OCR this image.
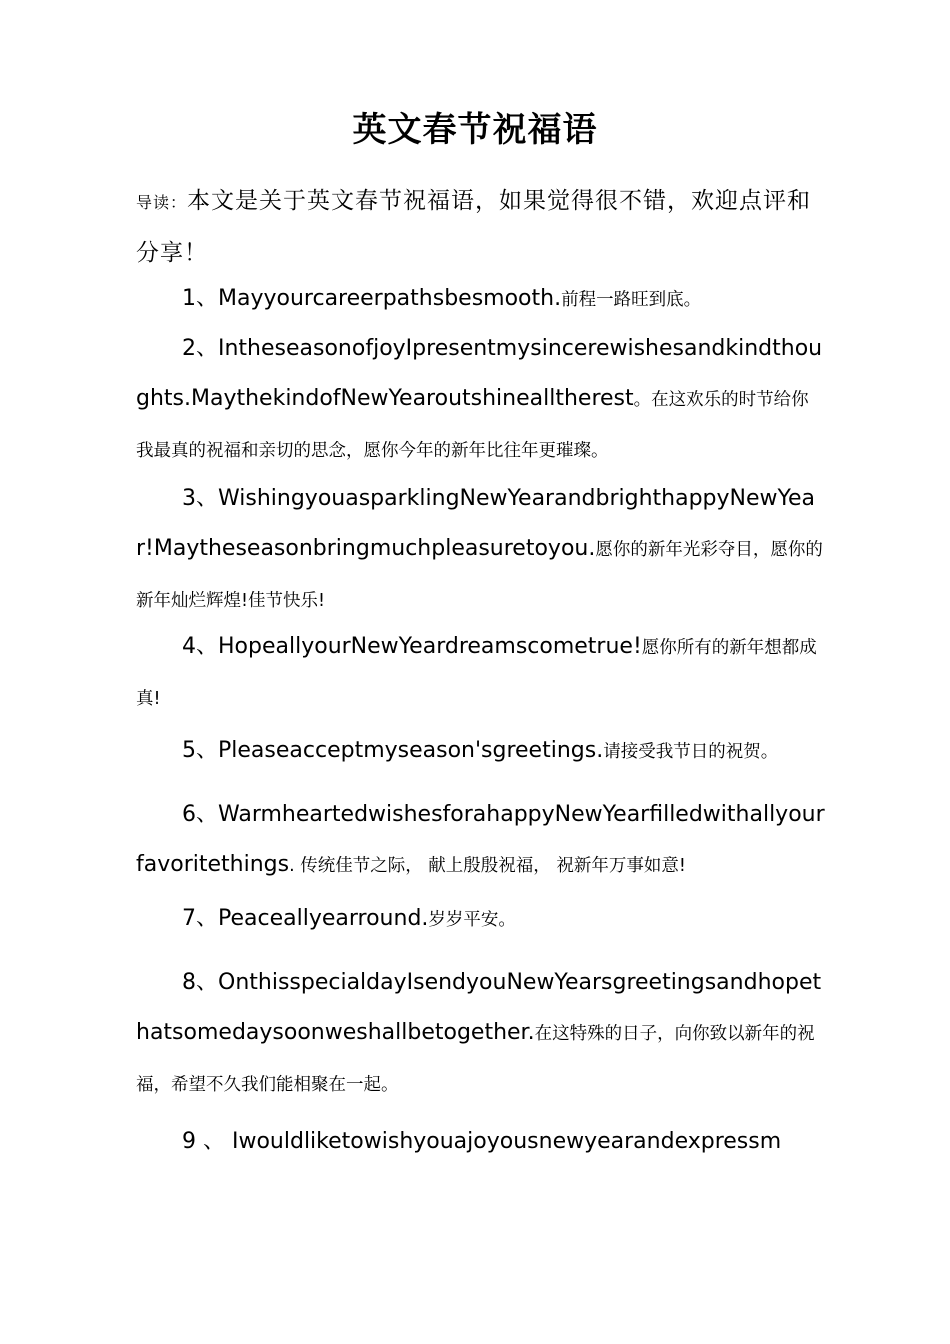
英文春节祝福语
导读：本文是关于英文春节祝福语，如果觉得很不错，欢迎点评和分享！
1、Mayyourcareerpathsbesmooth.前程一路旺到底。
2、IntheseasonofjoyIpresentmysincerewishesandkindthoughts.MaythekindofNewYearoutshinealltherest。在这欢乐的时节给你我最真的祝福和亲切的思念，愿你今年的新年比往年更璀璨。
3、WishingyouasparklingNewYearandbrighthappyNewYear!Maytheseasonbringmuchpleasuretoyou.愿你的新年光彩夺目，愿你的新年灿烂辉煌!佳节快乐!
4、HopeallyourNewYeardreamscometrue!愿你所有的新年想都成真!
5、Pleaseacceptmyseason'sgreetings.请接受我节日的祝贺。
6、WarmheartedwishesforahappyNewYearfilledwithallyourfavoritethings. 传统佳节之际， 献上殷殷祝福， 祝新年万事如意!
7、Peaceallyearround.岁岁平安。
8、OnthisspecialdayIsendyouNewYearsgreetingsandhopethatsomedaysoonweshallbetogether.在这特殊的日子，向你致以新年的祝福，希望不久我们能相聚在一起。
9 、 Iwouldliketowishyouajoyousnewyearandexpressm
